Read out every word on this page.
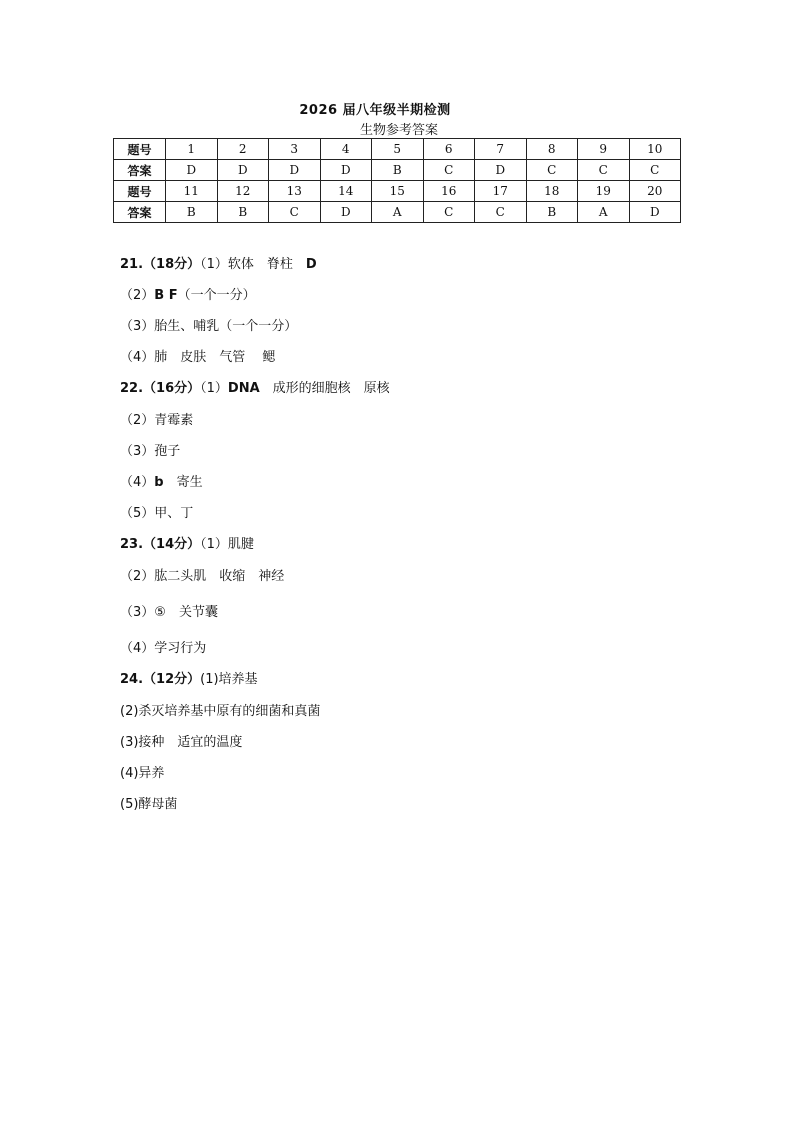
2026 届八年级半期检测
生物参考答案
题号	1	2	3	4	5	6	7	8	9	10
答案	D	D	D	D	B	C	D	C	C	C
题号	11	12	13	14	15	16	17	18	19	20
答案	B	B	C	D	A	C	C	B	A	D
21.（18分）（1）软体　脊柱　D
（2）B F（一个一分）
（3）胎生、哺乳（一个一分）
（4）肺　皮肤　气管　 鳃
22.（16分）（1）DNA　成形的细胞核　原核
（2）青霉素
（3）孢子
（4）b　寄生
（5）甲、丁
23.（14分）（1）肌腱
（2）肱二头肌　收缩　神经
（3）⑤　关节囊
（4）学习行为
24.（12分）(1)培养基
(2)杀灭培养基中原有的细菌和真菌
(3)接种　适宜的温度
(4)异养
(5)酵母菌
